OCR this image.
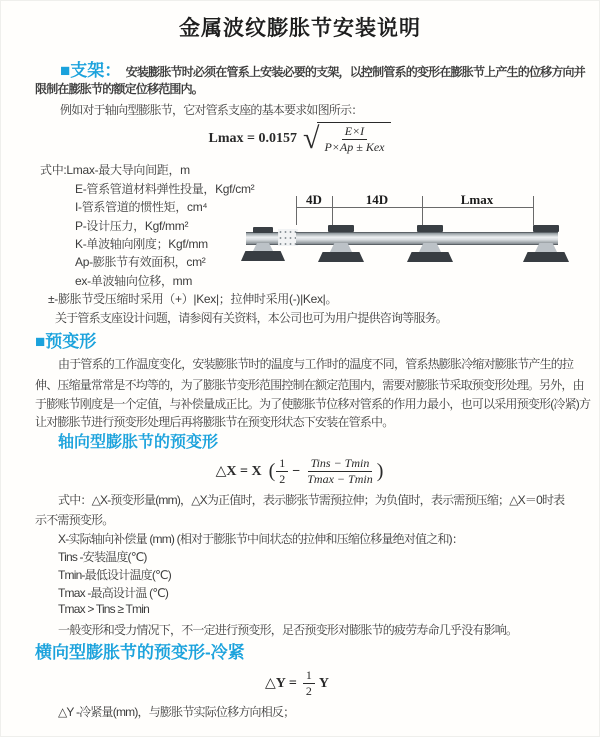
金属波纹膨胀节安装说明
■支架： 安装膨胀节时必须在管系上安装必要的支架，以控制管系的变形在膨胀节上产生的位移方向并
限制在膨胀节的额定位移范围内。
例如对于轴向型膨胀节，它对管系支座的基本要求如图所示：
Lmax = 0.0157 √ $\frac{E\times I}{\text{P×Ap ± Kex}}$
式中:Lmax-最大导向间距，m
E-管系管道材料弹性投量，Kgf/cm²
I-管系管道的惯性矩，cm⁴
P-设计压力，Kgf/mm²
K-单波轴向刚度；Kgf/mm
Ap-膨胀节有效面积，cm²
ex-单波轴向位移，mm
±-膨胀节受压缩时采用（+）|Kex|；拉伸时采用(-)|Kex|。
关于管系支座设计问题，请参阅有关资料，本公司也可为用户提供咨询等服务。
4D	14D	Lmax
■预变形
由于管系的工作温度变化，安装膨胀节时的温度与工作时的温度不同，管系热膨胀冷缩对膨胀节产生的拉
伸、压缩量常常是不均等的，为了膨胀节变形范围控制在额定范围内，需要对膨胀节采取预变形处理。另外，由
于膨账节刚度是一个定值，与补偿量成正比。为了使膨胀节位移对管系的作用力最小，也可以采用预变形(冷紧)方
让对膨胀节进行预变形处理后再将膨胀节在预变形状态下安装在管系中。
轴向型膨胀节的预变形
△X = X ( $\frac{1}{2} - \frac{\text{Tins − Tmin}}{Tmax - Tmin}$ )
式中：△X-预变形量(mm)，△X为正值时，表示膨张节需预拉伸；为负值时，表示需预压缩；△X＝0时表
示不需预变形。
X-实际轴向补偿量 (mm) (相对于膨胀节中间状态的拉伸和压缩位移量绝对值之和)：
Tins -安装温度(℃)
Tmin-最低设计温度(℃)
Tmax -最高设计温 (℃)
Tmax > Tins ≥ Tmin
一般变形和受力情况下，不一定进行预变形，足否预变形对膨胀节的疲劳寿命几乎没有影响。
横向型膨胀节的预变形-冷紧
△Y = $\frac{1}{2}$ Y
△Y -冷紧量(mm)，与膨胀节实际位移方向相反；
